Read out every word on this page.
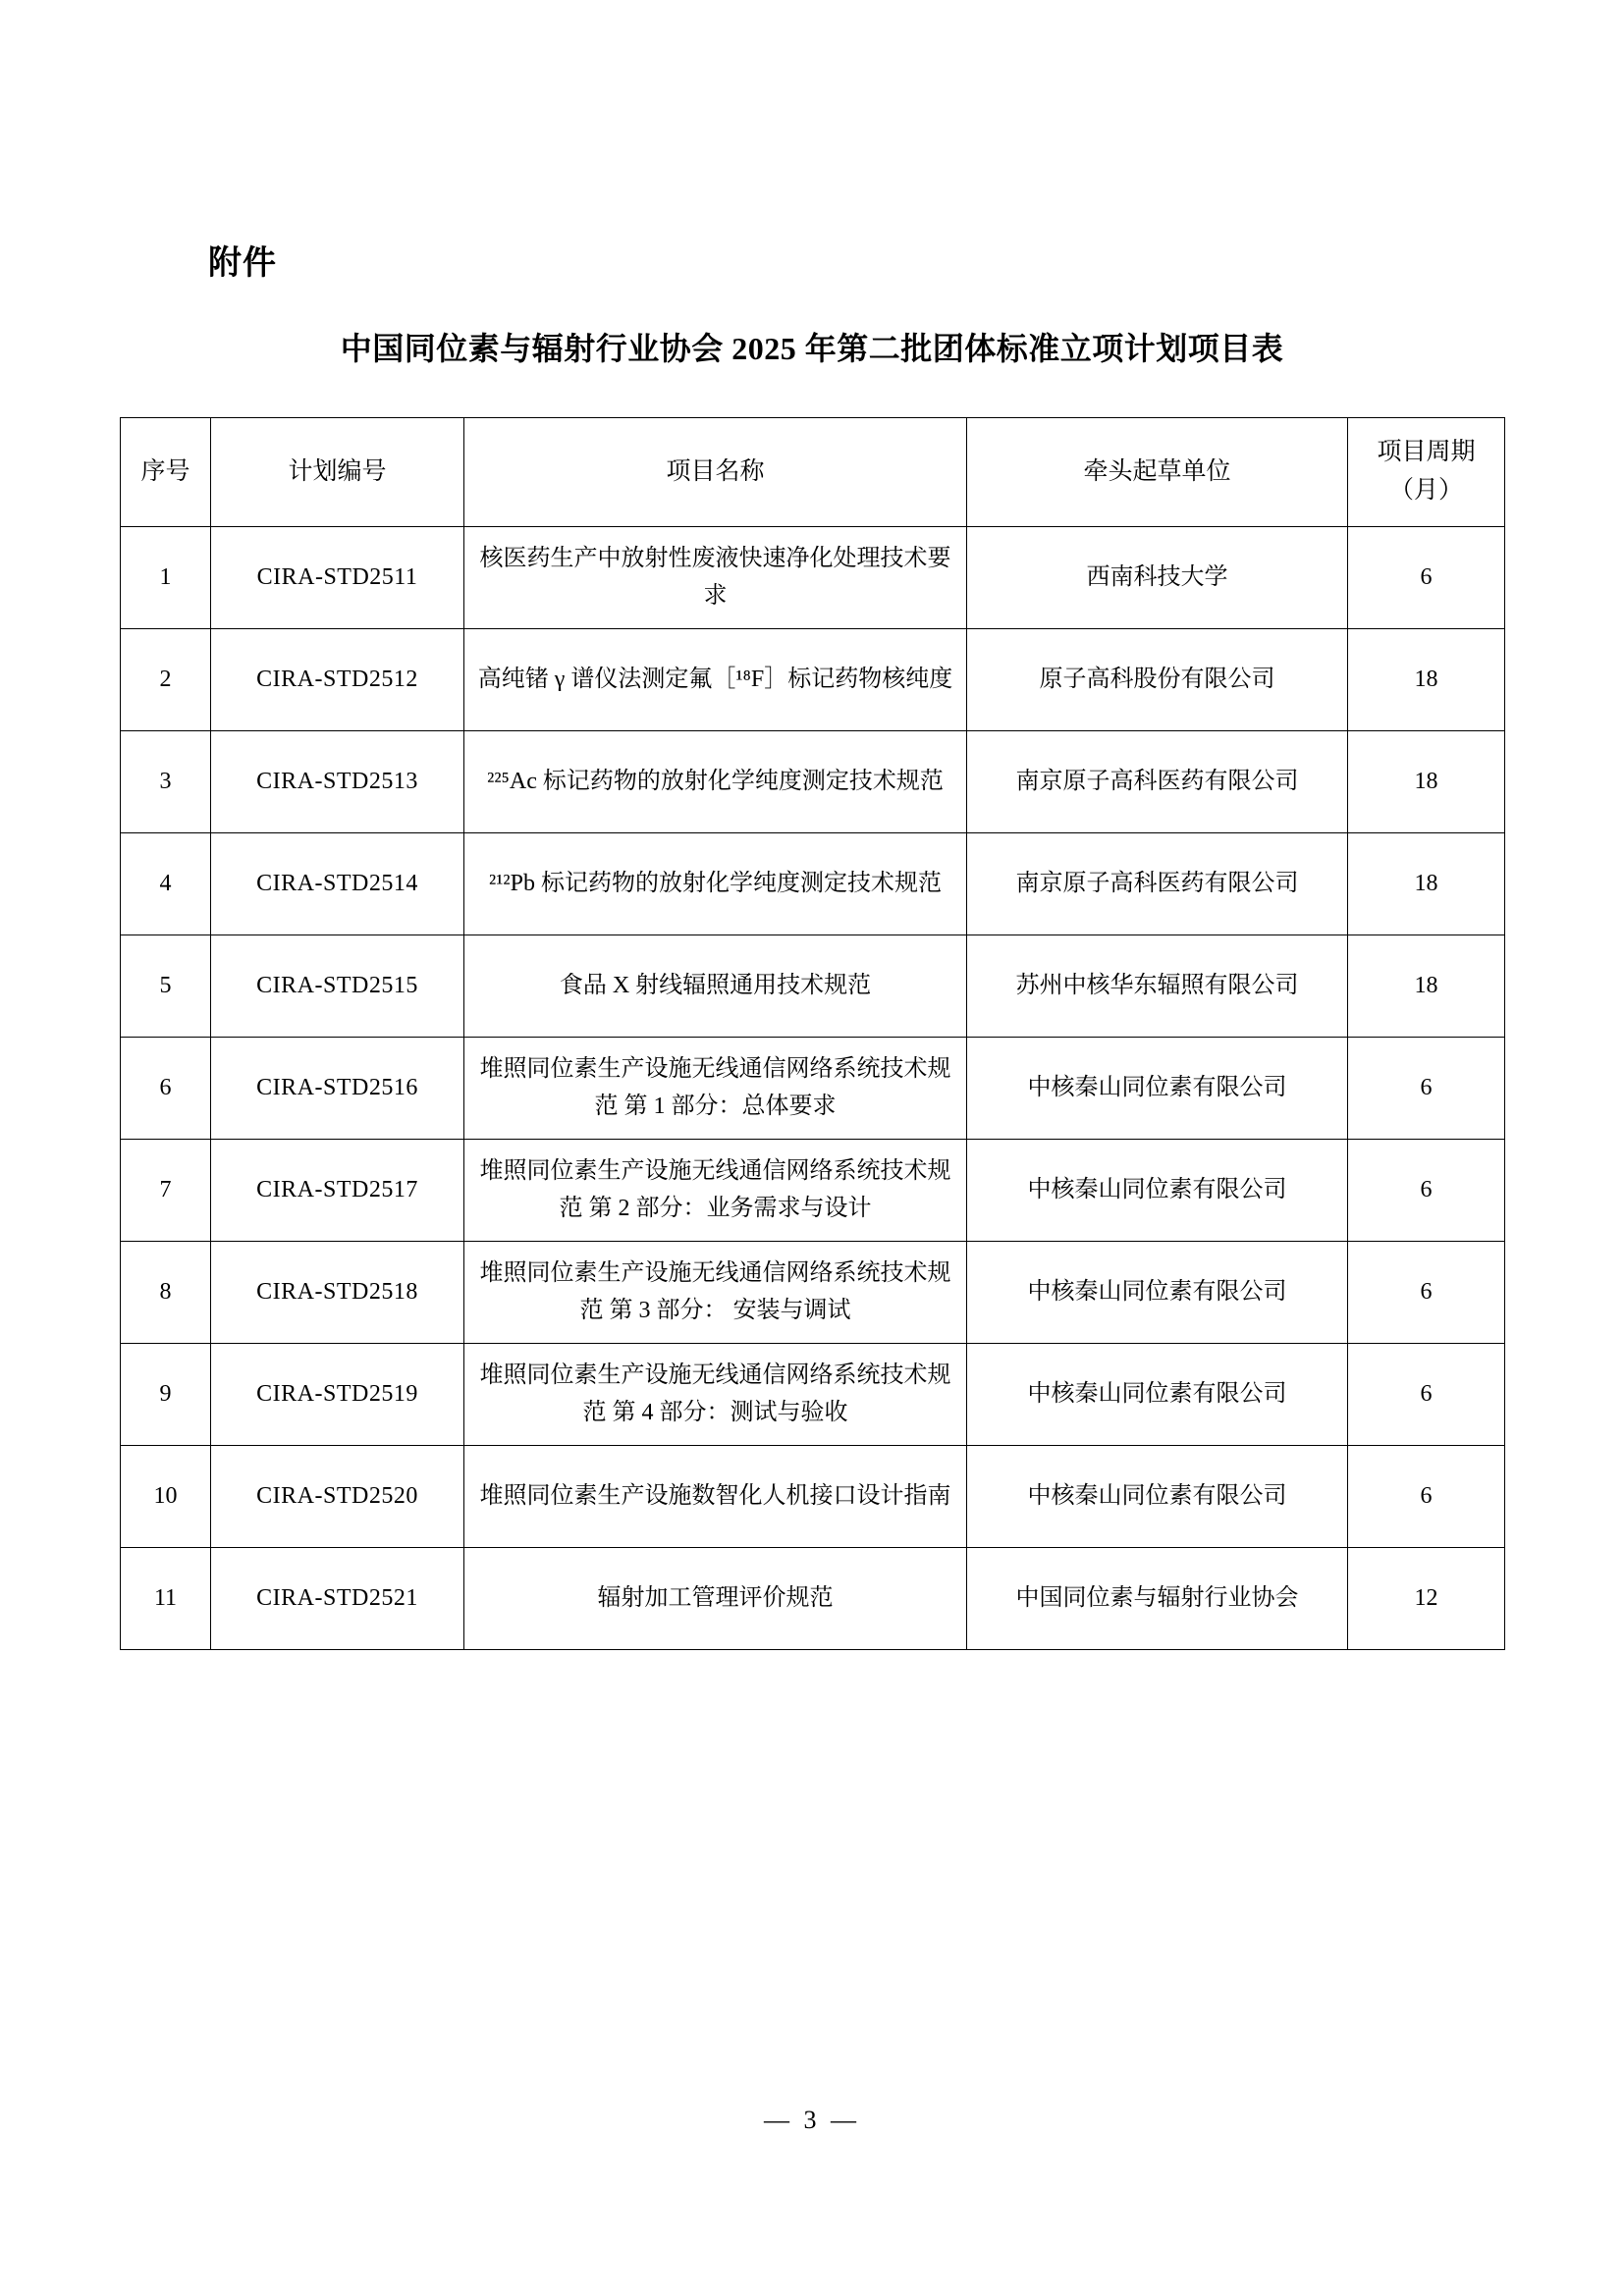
附件
中国同位素与辐射行业协会 2025 年第二批团体标准立项计划项目表
序号	计划编号	项目名称	牵头起草单位	项目周期（月）
1	CIRA-STD2511	核医药生产中放射性废液快速净化处理技术要求	西南科技大学	6
2	CIRA-STD2512	高纯锗 γ 谱仪法测定氟［¹⁸F］标记药物核纯度	原子高科股份有限公司	18
3	CIRA-STD2513	²²⁵Ac 标记药物的放射化学纯度测定技术规范	南京原子高科医药有限公司	18
4	CIRA-STD2514	²¹²Pb 标记药物的放射化学纯度测定技术规范	南京原子高科医药有限公司	18
5	CIRA-STD2515	食品 X 射线辐照通用技术规范	苏州中核华东辐照有限公司	18
6	CIRA-STD2516	堆照同位素生产设施无线通信网络系统技术规范 第 1 部分：总体要求	中核秦山同位素有限公司	6
7	CIRA-STD2517	堆照同位素生产设施无线通信网络系统技术规范 第 2 部分：业务需求与设计	中核秦山同位素有限公司	6
8	CIRA-STD2518	堆照同位素生产设施无线通信网络系统技术规范 第 3 部分： 安装与调试	中核秦山同位素有限公司	6
9	CIRA-STD2519	堆照同位素生产设施无线通信网络系统技术规范 第 4 部分：测试与验收	中核秦山同位素有限公司	6
10	CIRA-STD2520	堆照同位素生产设施数智化人机接口设计指南	中核秦山同位素有限公司	6
11	CIRA-STD2521	辐射加工管理评价规范	中国同位素与辐射行业协会	12
— 3 —
